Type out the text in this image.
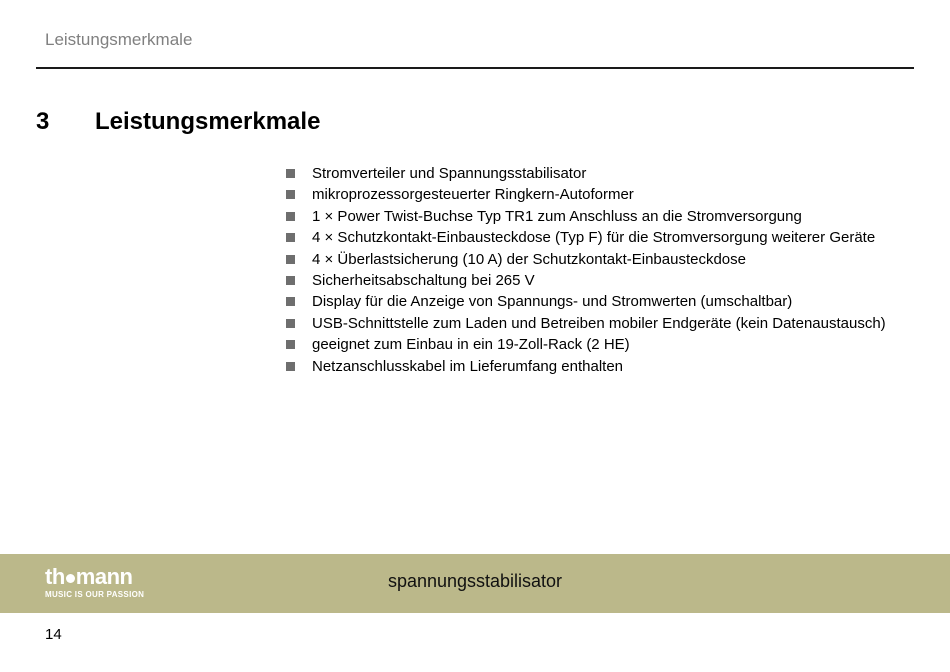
Leistungsmerkmale
3 Leistungsmerkmale
Stromverteiler und Spannungsstabilisator
mikroprozessorgesteuerter Ringkern-Autoformer
1 × Power Twist-Buchse Typ TR1 zum Anschluss an die Stromversorgung
4 × Schutzkontakt-Einbausteckdose (Typ F) für die Stromversorgung weiterer Geräte
4 × Überlastsicherung (10 A) der Schutzkontakt-Einbausteckdose
Sicherheitsabschaltung bei 265 V
Display für die Anzeige von Spannungs- und Stromwerten (umschaltbar)
USB-Schnittstelle zum Laden und Betreiben mobiler Endgeräte (kein Datenaustausch)
geeignet zum Einbau in ein 19-Zoll-Rack (2 HE)
Netzanschlusskabel im Lieferumfang enthalten
th mann
MUSIC IS OUR PASSION
spannungsstabilisator
14
